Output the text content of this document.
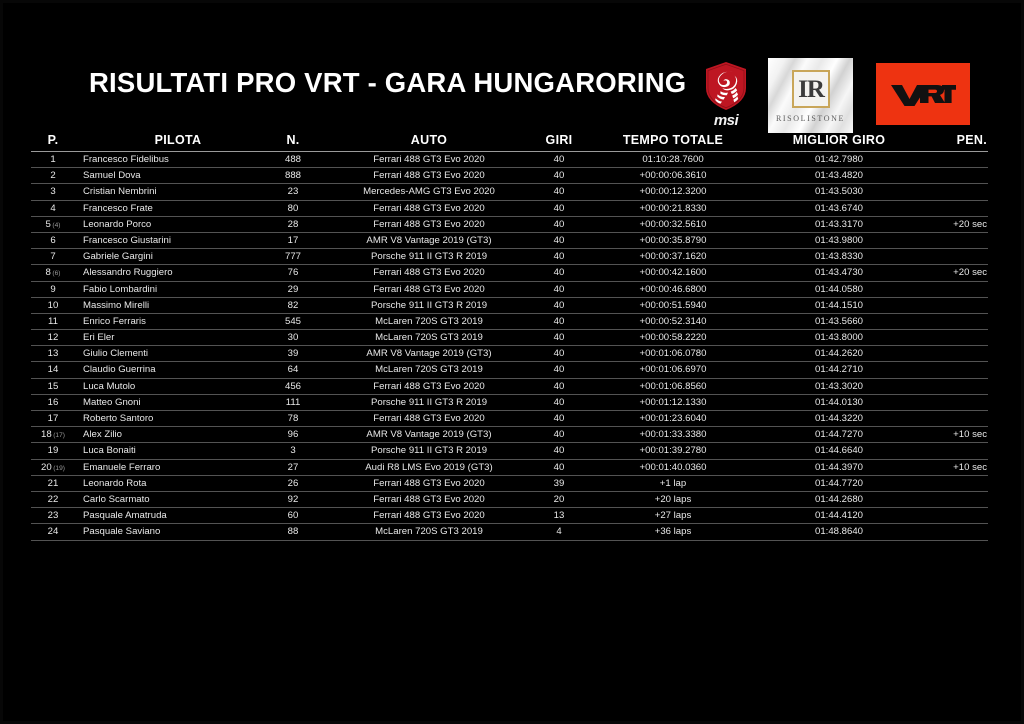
RISULTATI PRO VRT - GARA HUNGARORING
msi
IR
RISOLISTONE
P.	PILOTA	N.	AUTO	GIRI	TEMPO TOTALE	MIGLIOR GIRO	PEN.
1	Francesco Fidelibus	488	Ferrari 488 GT3 Evo 2020	40	01:10:28.7600	01:42.7980
2	Samuel Dova	888	Ferrari 488 GT3 Evo 2020	40	+00:00:06.3610	01:43.4820
3	Cristian Nembrini	23	Mercedes-AMG GT3 Evo 2020	40	+00:00:12.3200	01:43.5030
4	Francesco Frate	80	Ferrari 488 GT3 Evo 2020	40	+00:00:21.8330	01:43.6740
5 (4)	Leonardo Porco	28	Ferrari 488 GT3 Evo 2020	40	+00:00:32.5610	01:43.3170	+20 sec
6	Francesco Giustarini	17	AMR V8 Vantage 2019 (GT3)	40	+00:00:35.8790	01:43.9800
7	Gabriele Gargini	777	Porsche 911 II GT3 R 2019	40	+00:00:37.1620	01:43.8330
8 (6)	Alessandro Ruggiero	76	Ferrari 488 GT3 Evo 2020	40	+00:00:42.1600	01:43.4730	+20 sec
9	Fabio Lombardini	29	Ferrari 488 GT3 Evo 2020	40	+00:00:46.6800	01:44.0580
10	Massimo Mirelli	82	Porsche 911 II GT3 R 2019	40	+00:00:51.5940	01:44.1510
11	Enrico Ferraris	545	McLaren 720S GT3 2019	40	+00:00:52.3140	01:43.5660
12	Eri Eler	30	McLaren 720S GT3 2019	40	+00:00:58.2220	01:43.8000
13	Giulio Clementi	39	AMR V8 Vantage 2019 (GT3)	40	+00:01:06.0780	01:44.2620
14	Claudio Guerrina	64	McLaren 720S GT3 2019	40	+00:01:06.6970	01:44.2710
15	Luca Mutolo	456	Ferrari 488 GT3 Evo 2020	40	+00:01:06.8560	01:43.3020
16	Matteo Gnoni	111	Porsche 911 II GT3 R 2019	40	+00:01:12.1330	01:44.0130
17	Roberto Santoro	78	Ferrari 488 GT3 Evo 2020	40	+00:01:23.6040	01:44.3220
18 (17)	Alex Zilio	96	AMR V8 Vantage 2019 (GT3)	40	+00:01:33.3380	01:44.7270	+10 sec
19	Luca Bonaiti	3	Porsche 911 II GT3 R 2019	40	+00:01:39.2780	01:44.6640
20 (19)	Emanuele Ferraro	27	Audi R8 LMS Evo 2019 (GT3)	40	+00:01:40.0360	01:44.3970	+10 sec
21	Leonardo Rota	26	Ferrari 488 GT3 Evo 2020	39	+1 lap	01:44.7720
22	Carlo Scarmato	92	Ferrari 488 GT3 Evo 2020	20	+20 laps	01:44.2680
23	Pasquale Amatruda	60	Ferrari 488 GT3 Evo 2020	13	+27 laps	01:44.4120
24	Pasquale Saviano	88	McLaren 720S GT3 2019	4	+36 laps	01:48.8640
